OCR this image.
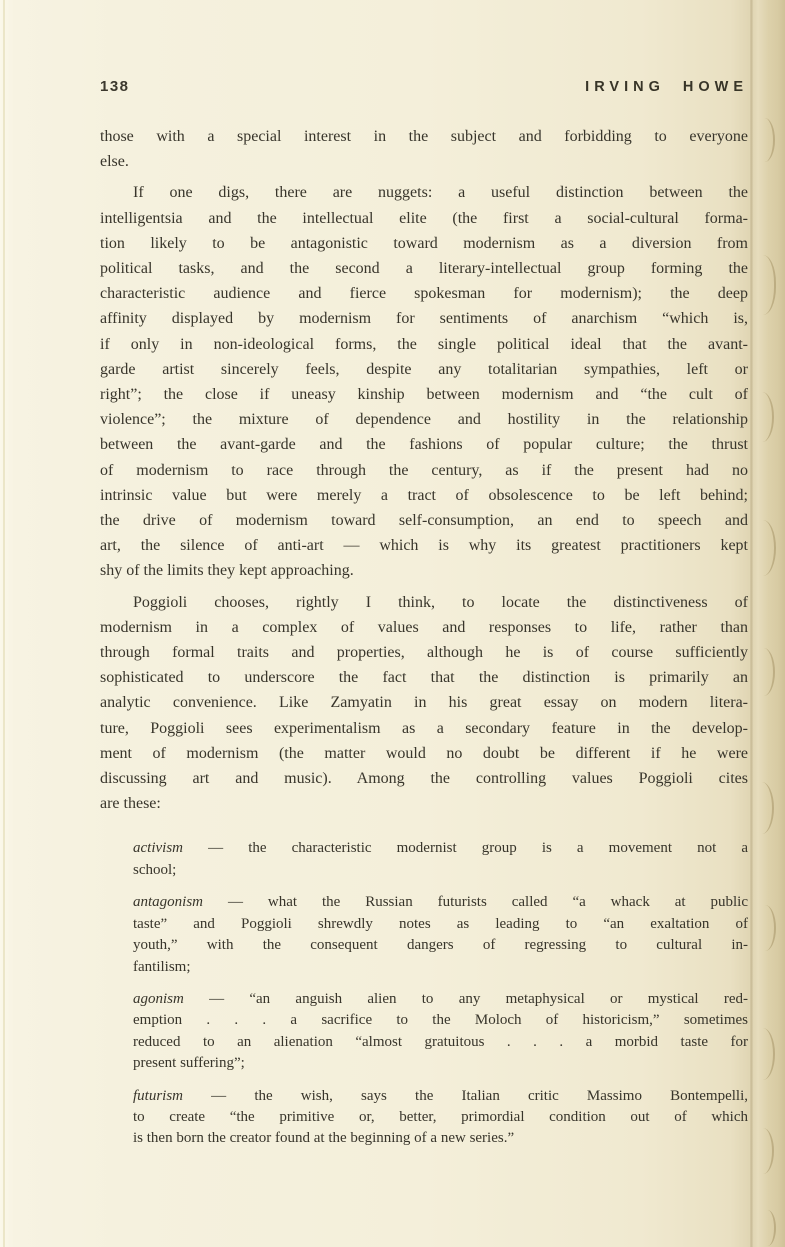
138	IRVING HOWE
those with a special interest in the subject and forbidding to everyone
else.
If one digs, there are nuggets: a useful distinction between the
intelligentsia and the intellectual elite (the first a social-cultural forma-
tion likely to be antagonistic toward modernism as a diversion from
political tasks, and the second a literary-intellectual group forming the
characteristic audience and fierce spokesman for modernism); the deep
affinity displayed by modernism for sentiments of anarchism “which is,
if only in non-ideological forms, the single political ideal that the avant-
garde artist sincerely feels, despite any totalitarian sympathies, left or
right”; the close if uneasy kinship between modernism and “the cult of
violence”; the mixture of dependence and hostility in the relationship
between the avant-garde and the fashions of popular culture; the thrust
of modernism to race through the century, as if the present had no
intrinsic value but were merely a tract of obsolescence to be left behind;
the drive of modernism toward self-consumption, an end to speech and
art, the silence of anti-art — which is why its greatest practitioners kept
shy of the limits they kept approaching.
Poggioli chooses, rightly I think, to locate the distinctiveness of
modernism in a complex of values and responses to life, rather than
through formal traits and properties, although he is of course sufficiently
sophisticated to underscore the fact that the distinction is primarily an
analytic convenience. Like Zamyatin in his great essay on modern litera-
ture, Poggioli sees experimentalism as a secondary feature in the develop-
ment of modernism (the matter would no doubt be different if he were
discussing art and music). Among the controlling values Poggioli cites
are these:
activism — the characteristic modernist group is a movement not a
school;
antagonism — what the Russian futurists called “a whack at public
taste” and Poggioli shrewdly notes as leading to “an exaltation of
youth,” with the consequent dangers of regressing to cultural in-
fantilism;
agonism — “an anguish alien to any metaphysical or mystical red-
emption . . . a sacrifice to the Moloch of historicism,” sometimes
reduced to an alienation “almost gratuitous . . . a morbid taste for
present suffering”;
futurism — the wish, says the Italian critic Massimo Bontempelli,
to create “the primitive or, better, primordial condition out of which
is then born the creator found at the beginning of a new series.”
